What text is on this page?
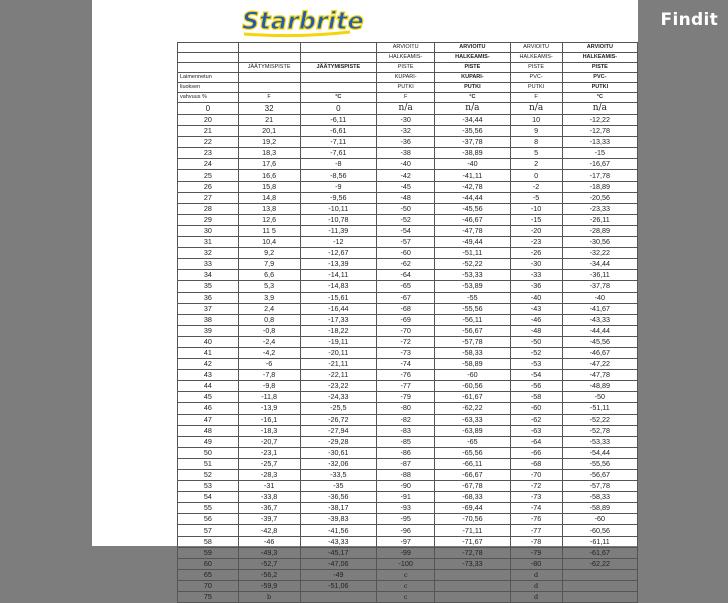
Starbrite
			ARVIOITU	ARVIOITU	ARVIOITU	ARVIOITU
			HALKEAMIS-	HALKEAMIS-	HALKEAMIS-	HALKEAMIS-
	JÄÄTYMISPISTE	JÄÄTYMISPISTE	PISTE	PISTE	PISTE	PISTE
Laimennetun			KUPARI-	KUPARI-	PVC-	PVC-
liuoksen			PUTKI	PUTKI	PUTKI	PUTKI
vahvuus %	F	°C	F	°C	F	°C
0	32	0	n/a	n/a	n/a	n/a
20	21	-6,11	-30	-34,44	10	-12,22
21	20,1	-6,61	-32	-35,56	9	-12,78
22	19,2	-7,11	-36	-37,78	8	-13,33
23	18,3	-7,61	-38	-38,89	5	-15
24	17,6	-8	-40	-40	2	-16,67
25	16,6	-8,56	-42	-41,11	0	-17,78
26	15,8	-9	-45	-42,78	-2	-18,89
27	14,8	-9,56	-48	-44,44	-5	-20,56
28	13,8	-10,11	-50	-45,56	-10	-23,33
29	12,6	-10,78	-52	-46,67	-15	-26,11
30	11 5	-11,39	-54	-47,78	-20	-28,89
31	10,4	-12	-57	-49,44	-23	-30,56
32	9,2	-12,67	-60	-51,11	-26	-32,22
33	7,9	-13,39	-62	-52,22	-30	-34,44
34	6,6	-14,11	-64	-53,33	-33	-36,11
35	5,3	-14,83	-65	-53,89	-36	-37,78
36	3,9	-15,61	-67	-55	-40	-40
37	2,4	-16,44	-68	-55,56	-43	-41,67
38	0,8	-17,33	-69	-56,11	-46	-43,33
39	-0,8	-18,22	-70	-56,67	-48	-44,44
40	-2,4	-19,11	-72	-57,78	-50	-45,56
41	-4,2	-20,11	-73	-58,33	-52	-46,67
42	-6	-21,11	-74	-58,89	-53	-47,22
43	-7,8	-22,11	-76	-60	-54	-47,78
44	-9,8	-23,22	-77	-60,56	-56	-48,89
45	-11,8	-24,33	-79	-61,67	-58	-50
46	-13,9	-25,5	-80	-62,22	-60	-51,11
47	-16,1	-26,72	-82	-63,33	-62	-52,22
48	-18,3	-27,94	-83	-63,89	-63	-52,78
49	-20,7	-29,28	-85	-65	-64	-53,33
50	-23,1	-30,61	-86	-65,56	-66	-54,44
51	-25,7	-32,06	-87	-66,11	-68	-55,56
52	-28,3	-33,5	-88	-66,67	-70	-56,67
53	-31	-35	-90	-67,78	-72	-57,78
54	-33,8	-36,56	-91	-68,33	-73	-58,33
55	-36,7	-38,17	-93	-69,44	-74	-58,89
56	-39,7	-39,83	-95	-70,56	-76	-60
57	-42,8	-41,56	-96	-71,11	-77	-60,56
58	-46	-43,33	-97	-71,67	-78	-61,11
59	-49,3	-45,17	-99	-72,78	-79	-61,67
60	-52,7	-47,06	-100	-73,33	-80	-62,22
65	-56,2	-49	c		d	
70	-59,9	-51,06	c		d	
75	b		c		d	
Findit
